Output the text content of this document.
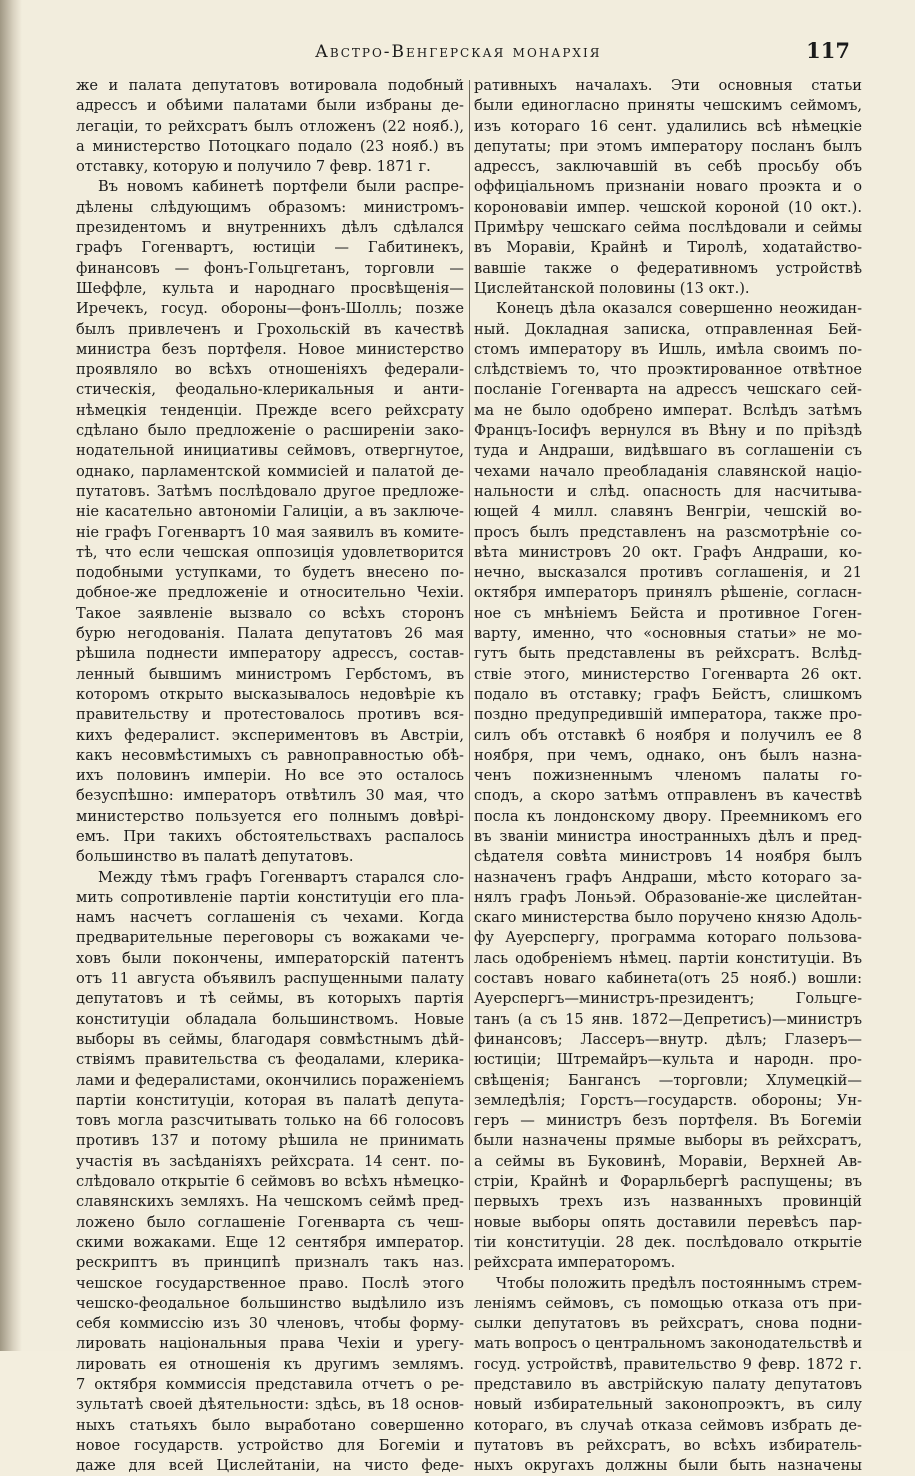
Австро-Венгерская монархія	117
же и палата депутатовъ вотировала подобный
адрессъ и обѣими палатами были избраны де-
легаціи, то рейхсратъ былъ отложенъ (22 нояб.),
а министерство Потоцкаго подало (23 нояб.) въ
отставку, которую и получило 7 февр. 1871 г.
Въ новомъ кабинетѣ портфели были распре-
дѣлены слѣдующимъ образомъ: министромъ-
президентомъ и внутреннихъ дѣлъ сдѣлался
графъ Гогенвартъ, юстиціи — Габитинекъ,
финансовъ — фонъ-Гольцгетанъ, торговли —
Шеффле, культа и народнаго просвѣщенія—
Иречекъ, госуд. обороны—фонъ-Шолль; позже
былъ привлеченъ и Грохольскій въ качествѣ
министра безъ портфеля. Новое министерство
проявляло во всѣхъ отношеніяхъ федерали-
стическія, феодально-клерикальныя и анти-
нѣмецкія тенденціи. Прежде всего рейхсрату
сдѣлано было предложеніе о расширеніи зако-
нодательной инициативы сеймовъ, отвергнутое,
однако, парламентской коммисіей и палатой де-
путатовъ. Затѣмъ послѣдовало другое предложе-
ніе касательно автономіи Галиціи, а въ заключе-
ніе графъ Гогенвартъ 10 мая заявилъ въ комите-
тѣ, что если чешская оппозиція удовлетворится
подобными уступками, то будетъ внесено по-
добное-же предложеніе и относительно Чехіи.
Такое заявленіе вызвало со всѣхъ сторонъ
бурю негодованія. Палата депутатовъ 26 мая
рѣшила поднести императору адрессъ, состав-
ленный бывшимъ министромъ Гербстомъ, въ
которомъ открыто высказывалось недовѣріе къ
правительству и протестовалось противъ вся-
кихъ федералист. экспериментовъ въ Австріи,
какъ несовмѣстимыхъ съ равноправностью обѣ-
ихъ половинъ имперіи. Но все это осталось
безуспѣшно: императоръ отвѣтилъ 30 мая, что
министерство пользуется его полнымъ довѣрі-
емъ. При такихъ обстоятельствахъ распалось
большинство въ палатѣ депутатовъ.
Между тѣмъ графъ Гогенвартъ старался сло-
мить сопротивленіе партіи конституціи его пла-
намъ насчетъ соглашенія съ чехами. Когда
предварительные переговоры съ вожаками че-
ховъ были покончены, императорскій патентъ
отъ 11 августа объявилъ распущенными палату
депутатовъ и тѣ сеймы, въ которыхъ партія
конституціи обладала большинствомъ. Новые
выборы въ сеймы, благодаря совмѣстнымъ дѣй-
ствіямъ правительства съ феодалами, клерика-
лами и федералистами, окончились пораженіемъ
партіи конституціи, которая въ палатѣ депута-
товъ могла разсчитывать только на 66 голосовъ
противъ 137 и потому рѣшила не принимать
участія въ засѣданіяхъ рейхсрата. 14 сент. по-
слѣдовало открытіе 6 сеймовъ во всѣхъ нѣмецко-
славянскихъ земляхъ. На чешскомъ сеймѣ пред-
ложено было соглашеніе Гогенварта съ чеш-
скими вожаками. Еще 12 сентября император.
рескриптъ въ принципѣ призналъ такъ наз.
чешское государственное право. Послѣ этого
чешско-феодальное большинство выдѣлило изъ
себя коммиссію изъ 30 членовъ, чтобы форму-
лировать національныя права Чехіи и урегу-
лировать ея отношенія къ другимъ землямъ.
7 октября коммиссія представила отчетъ о ре-
зультатѣ своей дѣятельности: здѣсь, въ 18 основ-
ныхъ статьяхъ было выработано совершенно
новое государств. устройство для Богеміи и
даже для всей Цислейтаніи, на чисто феде-
ративныхъ началахъ. Эти основныя статьи
были единогласно приняты чешскимъ сеймомъ,
изъ котораго 16 сент. удалились всѣ нѣмецкіе
депутаты; при этомъ императору посланъ былъ
адрессъ, заключавшій въ себѣ просьбу объ
оффиціальномъ признаніи новаго проэкта и о
короновавіи импер. чешской короной (10 окт.).
Примѣру чешскаго сейма послѣдовали и сеймы
въ Моравіи, Крайнѣ и Тиролѣ, ходатайство-
вавшіе также о федеративномъ устройствѣ
Цислейтанской половины (13 окт.).
Конецъ дѣла оказался совершенно неожидан-
ный. Докладная записка, отправленная Бей-
стомъ императору въ Ишль, имѣла своимъ по-
слѣдствіемъ то, что проэктированное отвѣтное
посланіе Гогенварта на адрессъ чешскаго сей-
ма не было одобрено императ. Вслѣдъ затѣмъ
Францъ-Іосифъ вернулся въ Вѣну и по пріѣздѣ
туда и Андраши, видѣвшаго въ соглашеніи съ
чехами начало преобладанія славянской націо-
нальности и слѣд. опасность для насчитыва-
ющей 4 милл. славянъ Венгріи, чешскій во-
просъ былъ представленъ на разсмотрѣніе со-
вѣта министровъ 20 окт. Графъ Андраши, ко-
нечно, высказался противъ соглашенія, и 21
октября императоръ принялъ рѣшеніе, согласн-
ное съ мнѣніемъ Бейста и противное Гоген-
варту, именно, что «основныя статьи» не мо-
гутъ быть представлены въ рейхсратъ. Вслѣд-
ствіе этого, министерство Гогенварта 26 окт.
подало въ отставку; графъ Бейстъ, слишкомъ
поздно предупредившій императора, также про-
силъ объ отставкѣ 6 ноября и получилъ ее 8
ноября, при чемъ, однако, онъ былъ назна-
ченъ пожизненнымъ членомъ палаты го-
сподъ, а скоро затѣмъ отправленъ въ качествѣ
посла къ лондонскому двору. Преемникомъ его
въ званіи министра иностранныхъ дѣлъ и пред-
сѣдателя совѣта министровъ 14 ноября былъ
назначенъ графъ Андраши, мѣсто котораго за-
нялъ графъ Лоньэй. Образованіе-же цислейтан-
скаго министерства было поручено князю Адоль-
фу Ауерспергу, программа котораго пользова-
лась одобреніемъ нѣмец. партіи конституціи. Въ
составъ новаго кабинета(отъ 25 нояб.) вошли:
Ауерспергъ—министръ-президентъ; Гольцге-
танъ (а съ 15 янв. 1872—Депретисъ)—министръ
финансовъ; Лассеръ—внутр. дѣлъ; Глазеръ—
юстиціи; Штремайръ—культа и народн. про-
свѣщенія; Бангансъ —торговли; Хлумецкій—
земледѣлія; Горстъ—государств. обороны; Ун-
геръ — министръ безъ портфеля. Въ Богеміи
были назначены прямые выборы въ рейхсратъ,
а сеймы въ Буковинѣ, Моравіи, Верхней Ав-
стріи, Крайнѣ и Форарльбергѣ распущены; въ
первыхъ трехъ изъ названныхъ провинцій
новые выборы опять доставили перевѣсъ пар-
тіи конституціи. 28 дек. послѣдовало открытіе
рейхсрата императоромъ.
Чтобы положить предѣлъ постояннымъ стрем-
леніямъ сеймовъ, съ помощью отказа отъ при-
сылки депутатовъ въ рейхсратъ, снова подни-
мать вопросъ о центральномъ законодательствѣ и
госуд. устройствѣ, правительство 9 февр. 1872 г.
представило въ австрійскую палату депутатовъ
новый избирательный законопроэктъ, въ силу
котораго, въ случаѣ отказа сеймовъ избрать де-
путатовъ въ рейхсратъ, во всѣхъ избиратель-
ныхъ округахъ должны были быть назначены
